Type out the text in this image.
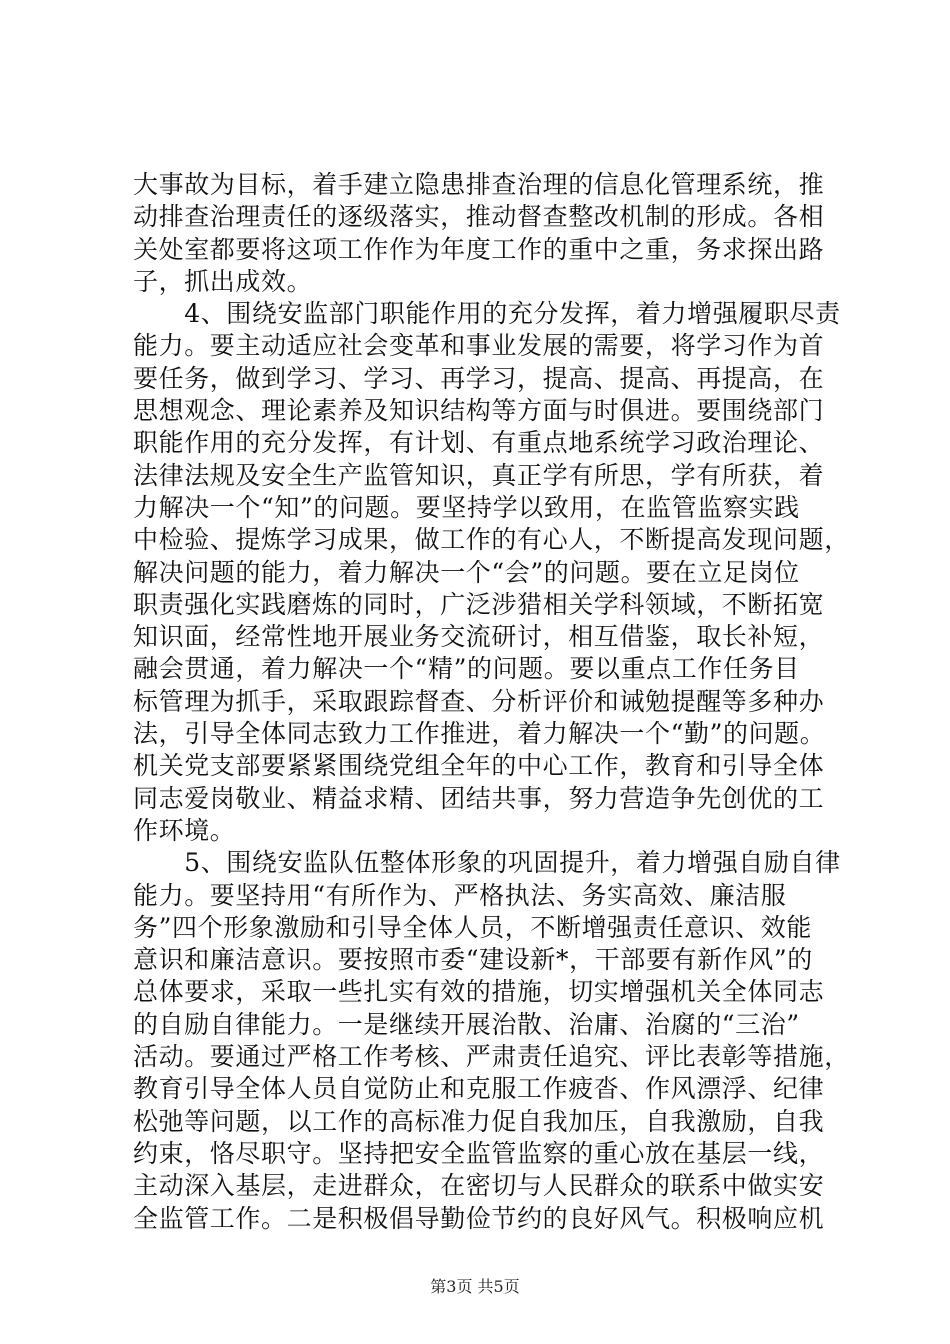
大事故为目标，着手建立隐患排查治理的信息化管理系统，推
动排查治理责任的逐级落实，推动督查整改机制的形成。各相
关处室都要将这项工作作为年度工作的重中之重，务求探出路
子，抓出成效。
　　4、围绕安监部门职能作用的充分发挥，着力增强履职尽责
能力。要主动适应社会变革和事业发展的需要，将学习作为首
要任务，做到学习、学习、再学习，提高、提高、再提高，在
思想观念、理论素养及知识结构等方面与时俱进。要围绕部门
职能作用的充分发挥，有计划、有重点地系统学习政治理论、
法律法规及安全生产监管知识，真正学有所思，学有所获，着
力解决一个“知”的问题。要坚持学以致用，在监管监察实践
中检验、提炼学习成果，做工作的有心人，不断提高发现问题，
解决问题的能力，着力解决一个“会”的问题。要在立足岗位
职责强化实践磨炼的同时，广泛涉猎相关学科领域，不断拓宽
知识面，经常性地开展业务交流研讨，相互借鉴，取长补短，
融会贯通，着力解决一个“精”的问题。要以重点工作任务目
标管理为抓手，采取跟踪督查、分析评价和诫勉提醒等多种办
法，引导全体同志致力工作推进，着力解决一个“勤”的问题。
机关党支部要紧紧围绕党组全年的中心工作，教育和引导全体
同志爱岗敬业、精益求精、团结共事，努力营造争先创优的工
作环境。
　　5、围绕安监队伍整体形象的巩固提升，着力增强自励自律
能力。要坚持用“有所作为、严格执法、务实高效、廉洁服
务”四个形象激励和引导全体人员，不断增强责任意识、效能
意识和廉洁意识。要按照市委“建设新*，干部要有新作风”的
总体要求，采取一些扎实有效的措施，切实增强机关全体同志
的自励自律能力。一是继续开展治散、治庸、治腐的“三治”
活动。要通过严格工作考核、严肃责任追究、评比表彰等措施，
教育引导全体人员自觉防止和克服工作疲沓、作风漂浮、纪律
松弛等问题，以工作的高标准力促自我加压，自我激励，自我
约束，恪尽职守。坚持把安全监管监察的重心放在基层一线，
主动深入基层，走进群众，在密切与人民群众的联系中做实安
全监管工作。二是积极倡导勤俭节约的良好风气。积极响应机
第3页 共5页
